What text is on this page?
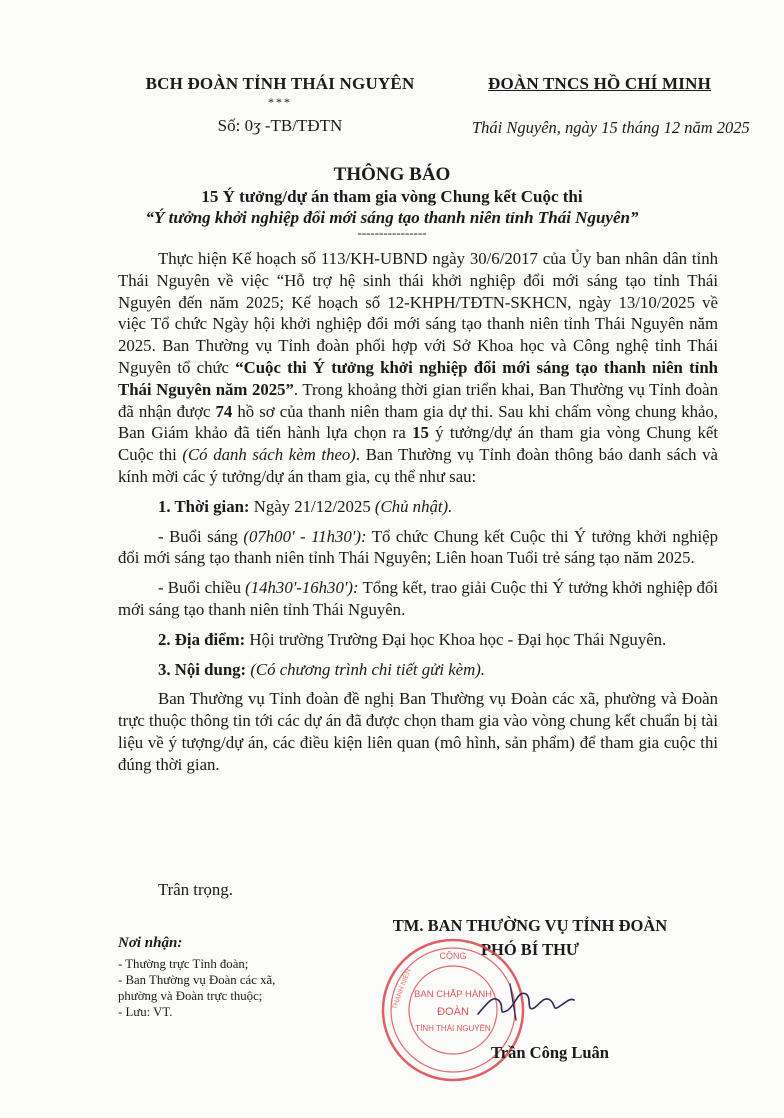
BCH ĐOÀN TỈNH THÁI NGUYÊN
***
Số: 0ʒ -TB/TĐTN
ĐOÀN TNCS HỒ CHÍ MINH
Thái Nguyên, ngày 15 tháng 12 năm 2025
THÔNG BÁO
15 Ý tưởng/dự án tham gia vòng Chung kết Cuộc thi
“Ý tưởng khởi nghiệp đổi mới sáng tạo thanh niên tỉnh Thái Nguyên”
----------------

Thực hiện Kế hoạch số 113/KH-UBND ngày 30/6/2017 của Ủy ban nhân dân tỉnh Thái Nguyên về việc “Hỗ trợ hệ sinh thái khởi nghiệp đổi mới sáng tạo tỉnh Thái Nguyên đến năm 2025; Kế hoạch số 12-KHPH/TĐTN-SKHCN, ngày 13/10/2025 về việc Tổ chức Ngày hội khởi nghiệp đổi mới sáng tạo thanh niên tỉnh Thái Nguyên năm 2025. Ban Thường vụ Tỉnh đoàn phối hợp với Sở Khoa học và Công nghệ tỉnh Thái Nguyên tổ chức “Cuộc thi Ý tưởng khởi nghiệp đổi mới sáng tạo thanh niên tỉnh Thái Nguyên năm 2025”. Trong khoảng thời gian triển khai, Ban Thường vụ Tỉnh đoàn đã nhận được 74 hồ sơ của thanh niên tham gia dự thi. Sau khi chấm vòng chung khảo, Ban Giám khảo đã tiến hành lựa chọn ra 15 ý tưởng/dự án tham gia vòng Chung kết Cuộc thi (Có danh sách kèm theo). Ban Thường vụ Tỉnh đoàn thông báo danh sách và kính mời các ý tưởng/dự án tham gia, cụ thể như sau:

1. Thời gian: Ngày 21/12/2025 (Chủ nhật).

- Buổi sáng (07h00' - 11h30'): Tổ chức Chung kết Cuộc thi Ý tưởng khởi nghiệp đổi mới sáng tạo thanh niên tỉnh Thái Nguyên; Liên hoan Tuổi trẻ sáng tạo năm 2025.

- Buổi chiều (14h30'-16h30'): Tổng kết, trao giải Cuộc thi Ý tưởng khởi nghiệp đổi mới sáng tạo thanh niên tỉnh Thái Nguyên.

2. Địa điểm: Hội trường Trường Đại học Khoa học - Đại học Thái Nguyên.

3. Nội dung: (Có chương trình chi tiết gửi kèm).

Ban Thường vụ Tỉnh đoàn đề nghị Ban Thường vụ Đoàn các xã, phường và Đoàn trực thuộc thông tin tới các dự án đã được chọn tham gia vào vòng chung kết chuẩn bị tài liệu về ý tượng/dự án, các điều kiện liên quan (mô hình, sản phẩm) để tham gia cuộc thi đúng thời gian.

Trân trọng.
TM. BAN THƯỜNG VỤ TỈNH ĐOÀN
PHÓ BÍ THƯ
CỘNG
BAN CHẤP HÀNH
ĐOÀN
TỈNH THÁI NGUYÊN
THANH NIÊN
Trần Công Luân
Nơi nhận:
- Thường trực Tỉnh đoàn;
- Ban Thường vụ Đoàn các xã,
phường và Đoàn trực thuộc;
- Lưu: VT.
